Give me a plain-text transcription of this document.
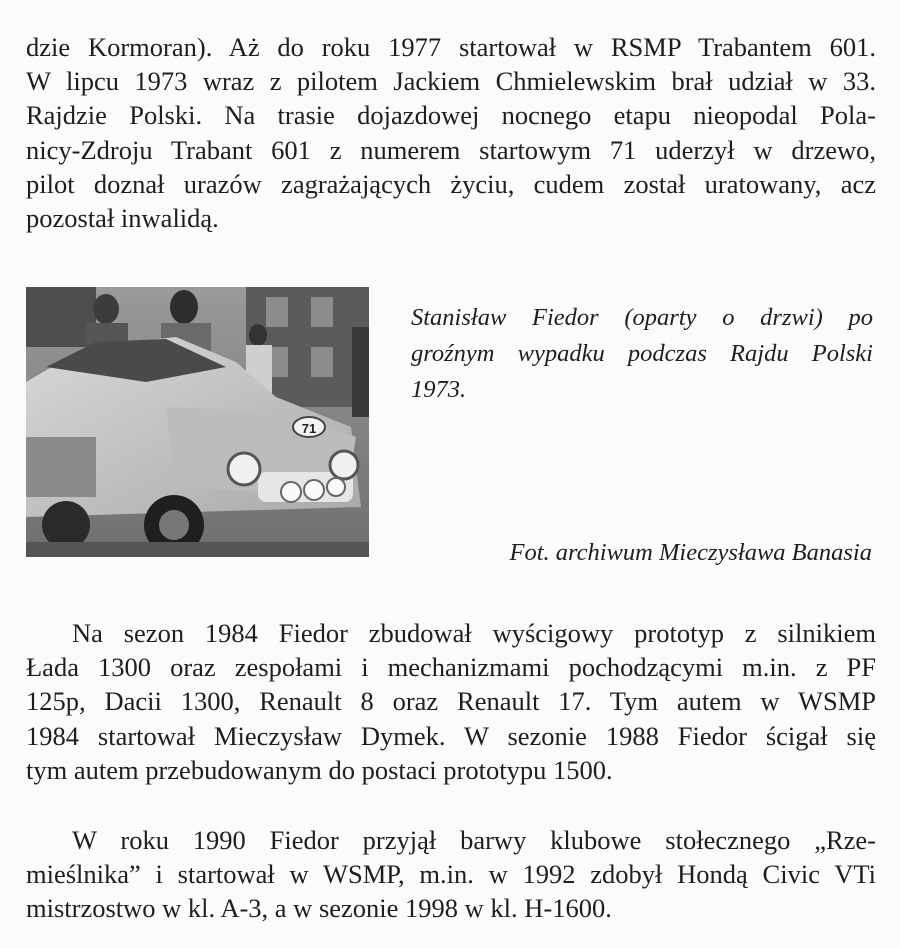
dzie Kormoran). Aż do roku 1977 startował w RSMP Trabantem 601.
W lipcu 1973 wraz z pilotem Jackiem Chmielewskim brał udział w 33.
Rajdzie Polski. Na trasie dojazdowej nocnego etapu nieopodal Pola-
nicy-Zdroju Trabant 601 z numerem startowym 71 uderzył w drzewo,
pilot doznał urazów zagrażających życiu, cudem został uratowany, acz
pozostał inwalidą.

71

Stanisław Fiedor (oparty o drzwi) po
groźnym wypadku podczas Rajdu Polski
1973.

Fot. archiwum Mieczysława Banasia

Na sezon 1984 Fiedor zbudował wyścigowy prototyp z silnikiem
Łada 1300 oraz zespołami i mechanizmami pochodzącymi m.in. z PF
125p, Dacii 1300, Renault 8 oraz Renault 17. Tym autem w WSMP
1984 startował Mieczysław Dymek. W sezonie 1988 Fiedor ścigał się
tym autem przebudowanym do postaci prototypu 1500.

W roku 1990 Fiedor przyjął barwy klubowe stołecznego „Rze-
mieślnika” i startował w WSMP, m.in. w 1992 zdobył Hondą Civic VTi
mistrzostwo w kl. A-3, a w sezonie 1998 w kl. H-1600.
